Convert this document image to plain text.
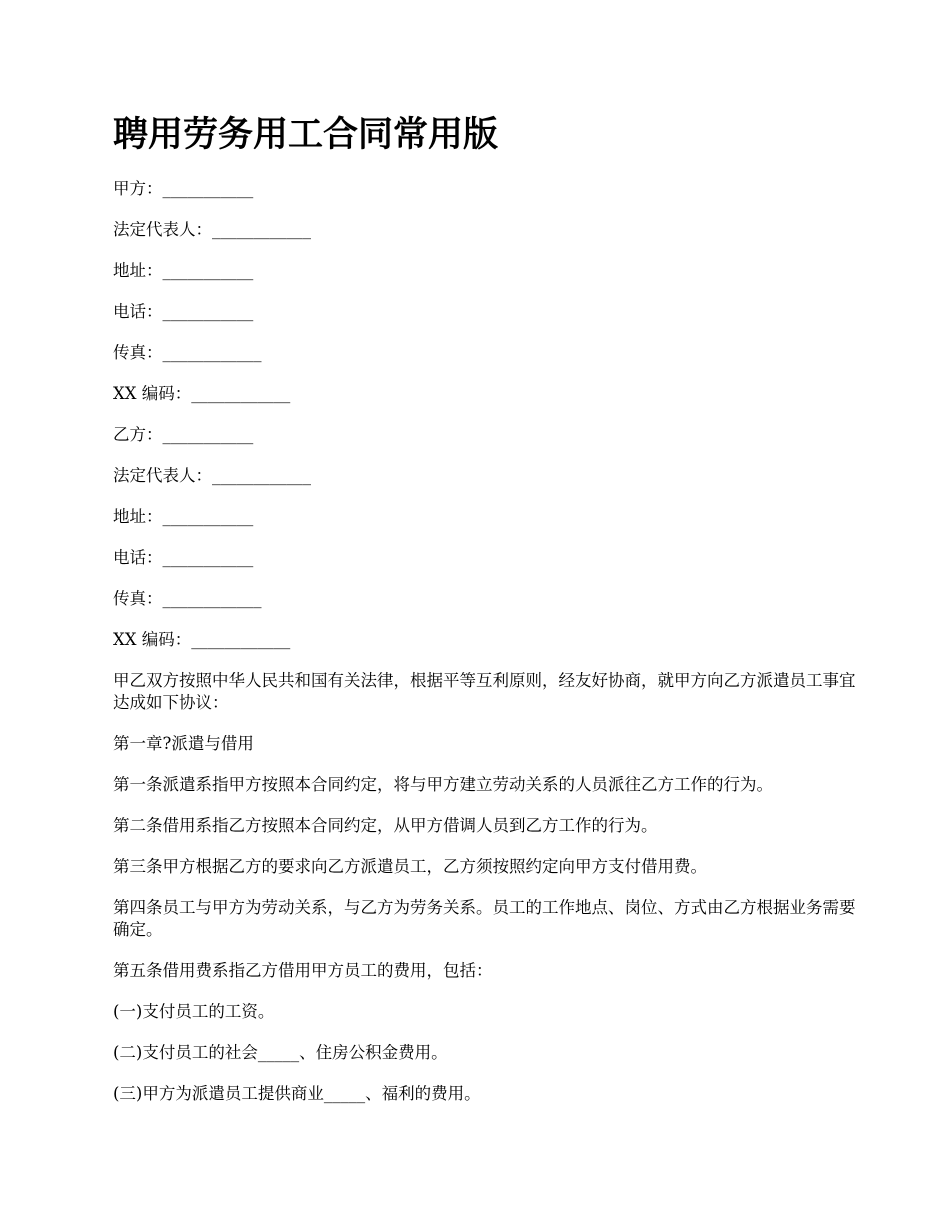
聘用劳务用工合同常用版

甲方：___________

法定代表人：____________

地址：___________

电话：___________

传真：____________

XX 编码：____________

乙方：___________

法定代表人：____________

地址：___________

电话：___________

传真：____________

XX 编码：____________

甲乙双方按照中华人民共和国有关法律，根据平等互利原则，经友好协商，就甲方向乙方派遣员工事宜达成如下协议：

第一章?派遣与借用

第一条派遣系指甲方按照本合同约定，将与甲方建立劳动关系的人员派往乙方工作的行为。

第二条借用系指乙方按照本合同约定，从甲方借调人员到乙方工作的行为。

第三条甲方根据乙方的要求向乙方派遣员工，乙方须按照约定向甲方支付借用费。

第四条员工与甲方为劳动关系，与乙方为劳务关系。员工的工作地点、岗位、方式由乙方根据业务需要确定。

第五条借用费系指乙方借用甲方员工的费用，包括：

(一)支付员工的工资。

(二)支付员工的社会_____、住房公积金费用。

(三)甲方为派遣员工提供商业_____、福利的费用。
